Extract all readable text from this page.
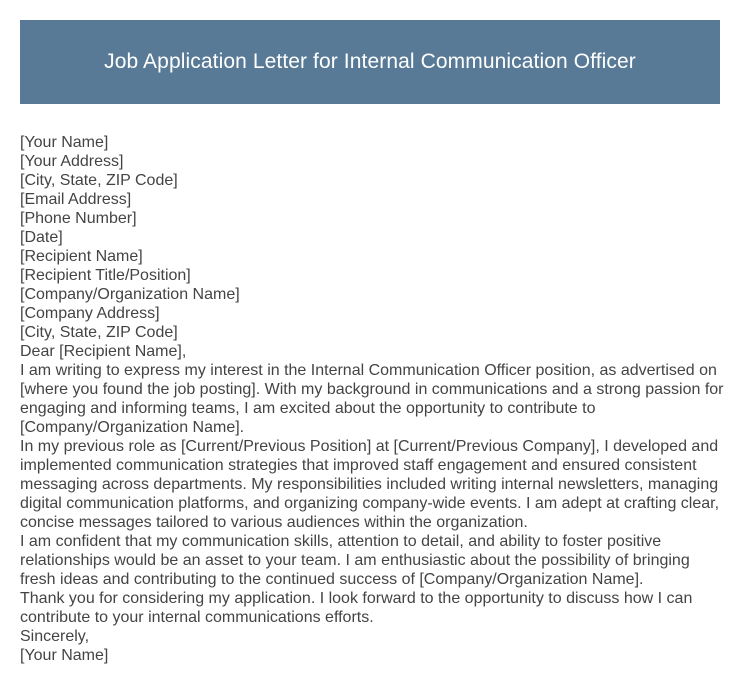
Job Application Letter for Internal Communication Officer
[Your Name]
[Your Address]
[City, State, ZIP Code]
[Email Address]
[Phone Number]
[Date]
[Recipient Name]
[Recipient Title/Position]
[Company/Organization Name]
[Company Address]
[City, State, ZIP Code]
Dear [Recipient Name],

I am writing to express my interest in the Internal Communication Officer position, as advertised on [where you found the job posting]. With my background in communications and a strong passion for engaging and informing teams, I am excited about the opportunity to contribute to [Company/Organization Name].

In my previous role as [Current/Previous Position] at [Current/Previous Company], I developed and implemented communication strategies that improved staff engagement and ensured consistent messaging across departments. My responsibilities included writing internal newsletters, managing digital communication platforms, and organizing company-wide events. I am adept at crafting clear, concise messages tailored to various audiences within the organization.

I am confident that my communication skills, attention to detail, and ability to foster positive relationships would be an asset to your team. I am enthusiastic about the possibility of bringing fresh ideas and contributing to the continued success of [Company/Organization Name].

Thank you for considering my application. I look forward to the opportunity to discuss how I can contribute to your internal communications efforts.

Sincerely,
[Your Name]
